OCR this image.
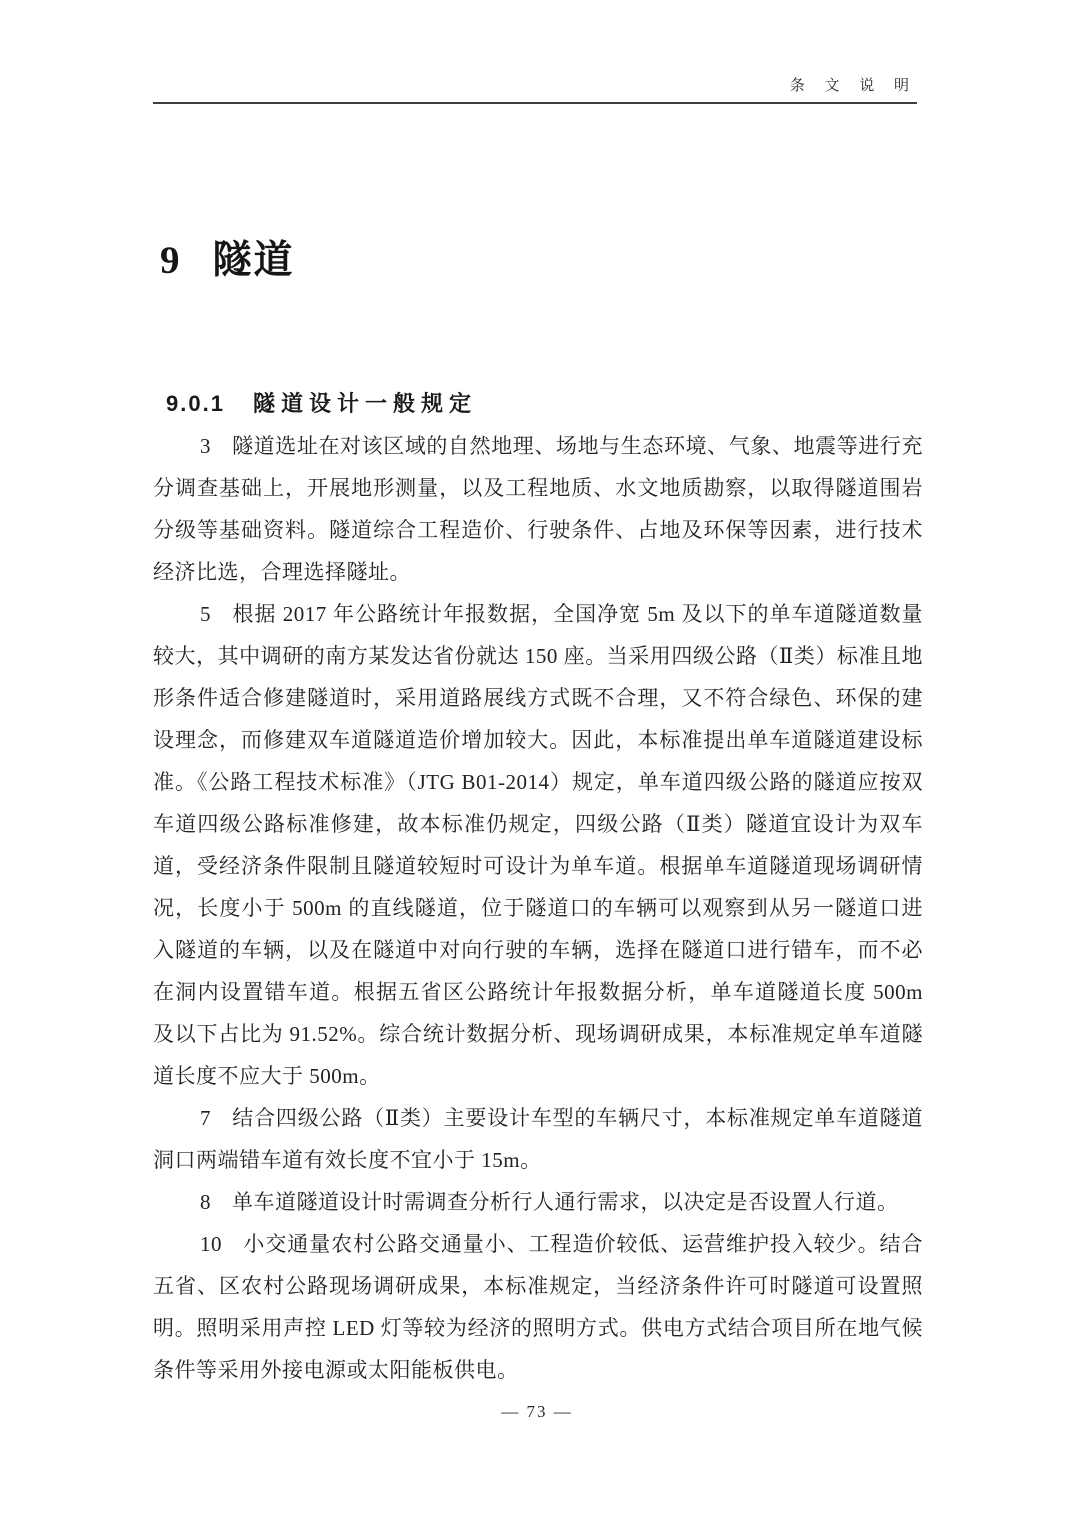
条 文 说 明
9 隧道
9.0.1 隧道设计一般规定

3 隧道选址在对该区域的自然地理、场地与生态环境、气象、地震等进行充分调查基础上，开展地形测量，以及工程地质、水文地质勘察，以取得隧道围岩分级等基础资料。隧道综合工程造价、行驶条件、占地及环保等因素，进行技术经济比选，合理选择隧址。

5 根据 2017 年公路统计年报数据，全国净宽 5m 及以下的单车道隧道数量较大，其中调研的南方某发达省份就达 150 座。当采用四级公路（Ⅱ类）标准且地形条件适合修建隧道时，采用道路展线方式既不合理，又不符合绿色、环保的建设理念，而修建双车道隧道造价增加较大。因此，本标准提出单车道隧道建设标准。《公路工程技术标准》（JTG B01-2014）规定，单车道四级公路的隧道应按双车道四级公路标准修建，故本标准仍规定，四级公路（Ⅱ类）隧道宜设计为双车道，受经济条件限制且隧道较短时可设计为单车道。根据单车道隧道现场调研情况，长度小于 500m 的直线隧道，位于隧道口的车辆可以观察到从另一隧道口进入隧道的车辆，以及在隧道中对向行驶的车辆，选择在隧道口进行错车，而不必在洞内设置错车道。根据五省区公路统计年报数据分析，单车道隧道长度 500m 及以下占比为 91.52%。综合统计数据分析、现场调研成果，本标准规定单车道隧道长度不应大于 500m。

7 结合四级公路（Ⅱ类）主要设计车型的车辆尺寸，本标准规定单车道隧道洞口两端错车道有效长度不宜小于 15m。

8 单车道隧道设计时需调查分析行人通行需求，以决定是否设置人行道。

10 小交通量农村公路交通量小、工程造价较低、运营维护投入较少。结合五省、区农村公路现场调研成果，本标准规定，当经济条件许可时隧道可设置照明。照明采用声控 LED 灯等较为经济的照明方式。供电方式结合项目所在地气候条件等采用外接电源或太阳能板供电。

— 73 —
